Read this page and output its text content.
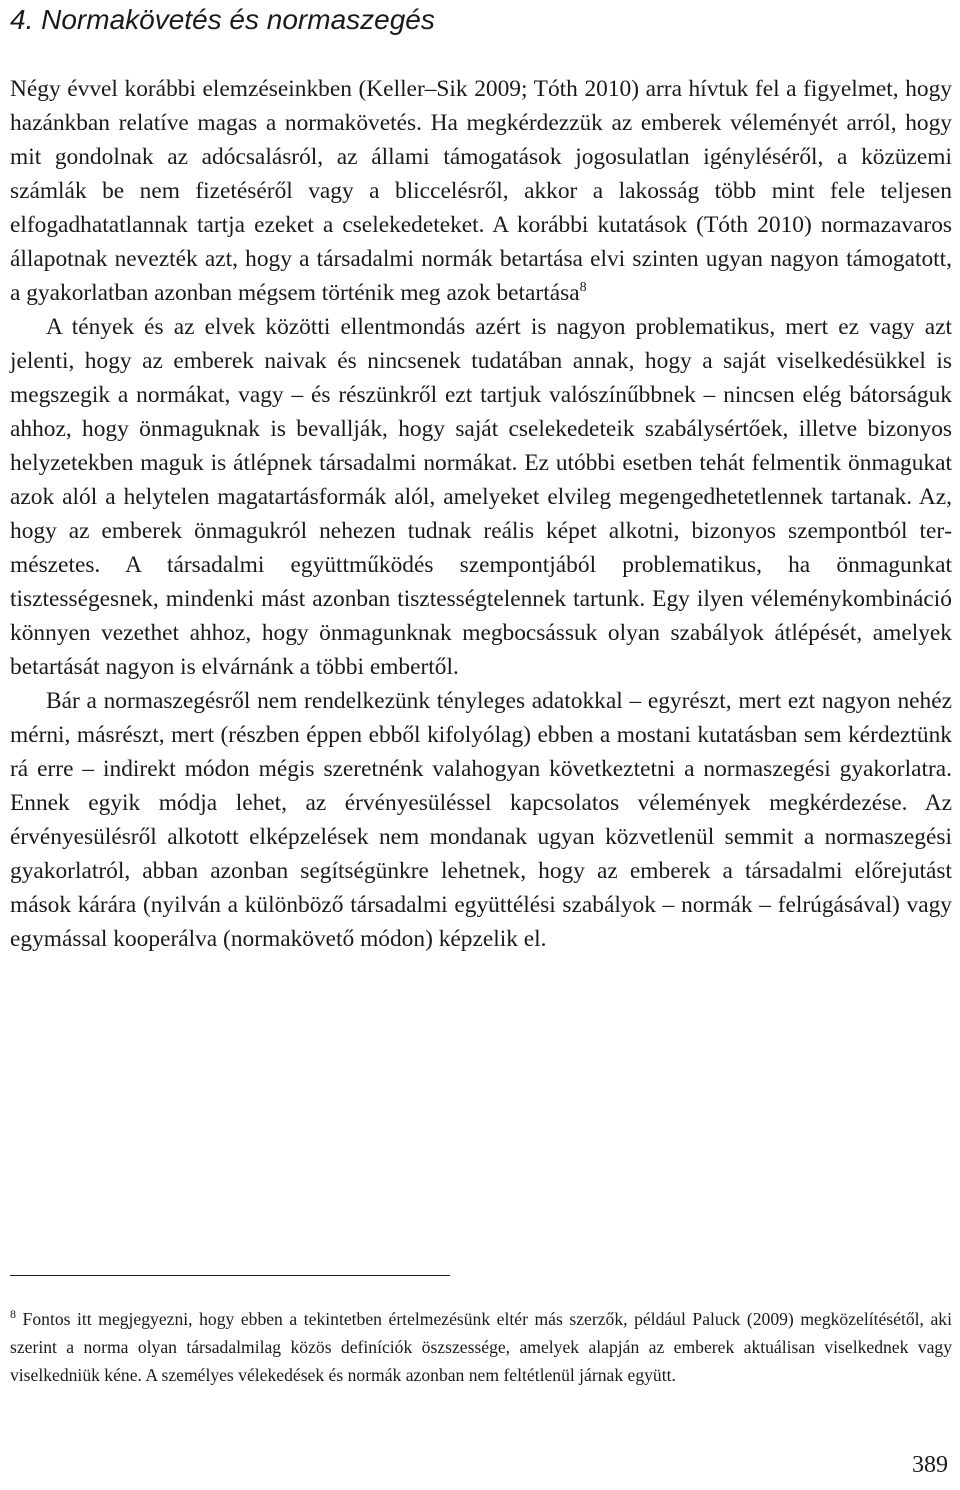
4. Normakövetés és normaszegés

Négy évvel korábbi elemzéseinkben (Keller–Sik 2009; Tóth 2010) arra hívtuk fel a figyelmet, hogy hazánkban relatíve magas a normakövetés. Ha megkérdezzük az emberek véleményét arról, hogy mit gondolnak az adócsalásról, az állami támogatások jogosulatlan igényléséről, a közüzemi számlák be nem fizetéséről vagy a bliccelésről, akkor a lakosság több mint fele teljesen elfogadhatatlannak tartja ezeket a cselekedeteket. A korábbi kutatások (Tóth 2010) normazavaros állapotnak nevezték azt, hogy a társadalmi normák betartása elvi szinten ugyan nagyon támogatott, a gyakorlatban azonban mégsem történik meg azok betartása$^8$

A tények és az elvek közötti ellentmondás azért is nagyon problematikus, mert ez vagy azt jelenti, hogy az emberek naivak és nincsenek tudatában annak, hogy a saját viselkedésükkel is megszegik a normákat, vagy – és részünkről ezt tartjuk valószínűbbnek – nincsen elég bátorságuk ahhoz, hogy önmaguknak is bevallják, hogy saját cselekedeteik szabálysértőek, illetve bizonyos helyzetekben maguk is átlépnek társadalmi normákat. Ez utóbbi esetben tehát felmentik önmagukat azok alól a helytelen magatartásformák alól, amelyeket elvileg megengedhetetlennek tartanak. Az, hogy az emberek önmagukról nehezen tudnak reális képet alkotni, bizonyos szempontból természetes. A társadalmi együttműködés szempontjából problematikus, ha önmagunkat tisztességesnek, mindenki mást azonban tisztességtelennek tartunk. Egy ilyen véleménykombináció könnyen vezethet ahhoz, hogy önmagunknak megbocsássuk olyan szabályok átlépését, amelyek betartását nagyon is elvárnánk a többi embertől.

Bár a normaszegésről nem rendelkezünk tényleges adatokkal – egyrészt, mert ezt nagyon nehéz mérni, másrészt, mert (részben éppen ebből kifolyólag) ebben a mostani kutatásban sem kérdeztünk rá erre – indirekt módon mégis szeretnénk valahogyan következtetni a normaszegési gyakorlatra. Ennek egyik módja lehet, az érvényesüléssel kapcsolatos vélemények megkérdezése. Az érvényesülésről alkotott elképzelések nem mondanak ugyan közvetlenül semmit a normaszegési gyakorlatról, abban azonban segítségünkre lehetnek, hogy az emberek a társadalmi előrejutást mások kárára (nyilván a különböző társadalmi együttélési szabályok – normák – felrúgásával) vagy egymással kooperálva (normakövető módon) képzelik el.

$^8$ Fontos itt megjegyezni, hogy ebben a tekintetben értelmezésünk eltér más szerzők, például Paluck (2009) megközelítésétől, aki szerint a norma olyan társadalmilag közös definíciók öszszessége, amelyek alapján az emberek aktuálisan viselkednek vagy viselkedniük kéne. A személyes vélekedések és normák azonban nem feltétlenül járnak együtt.

389
